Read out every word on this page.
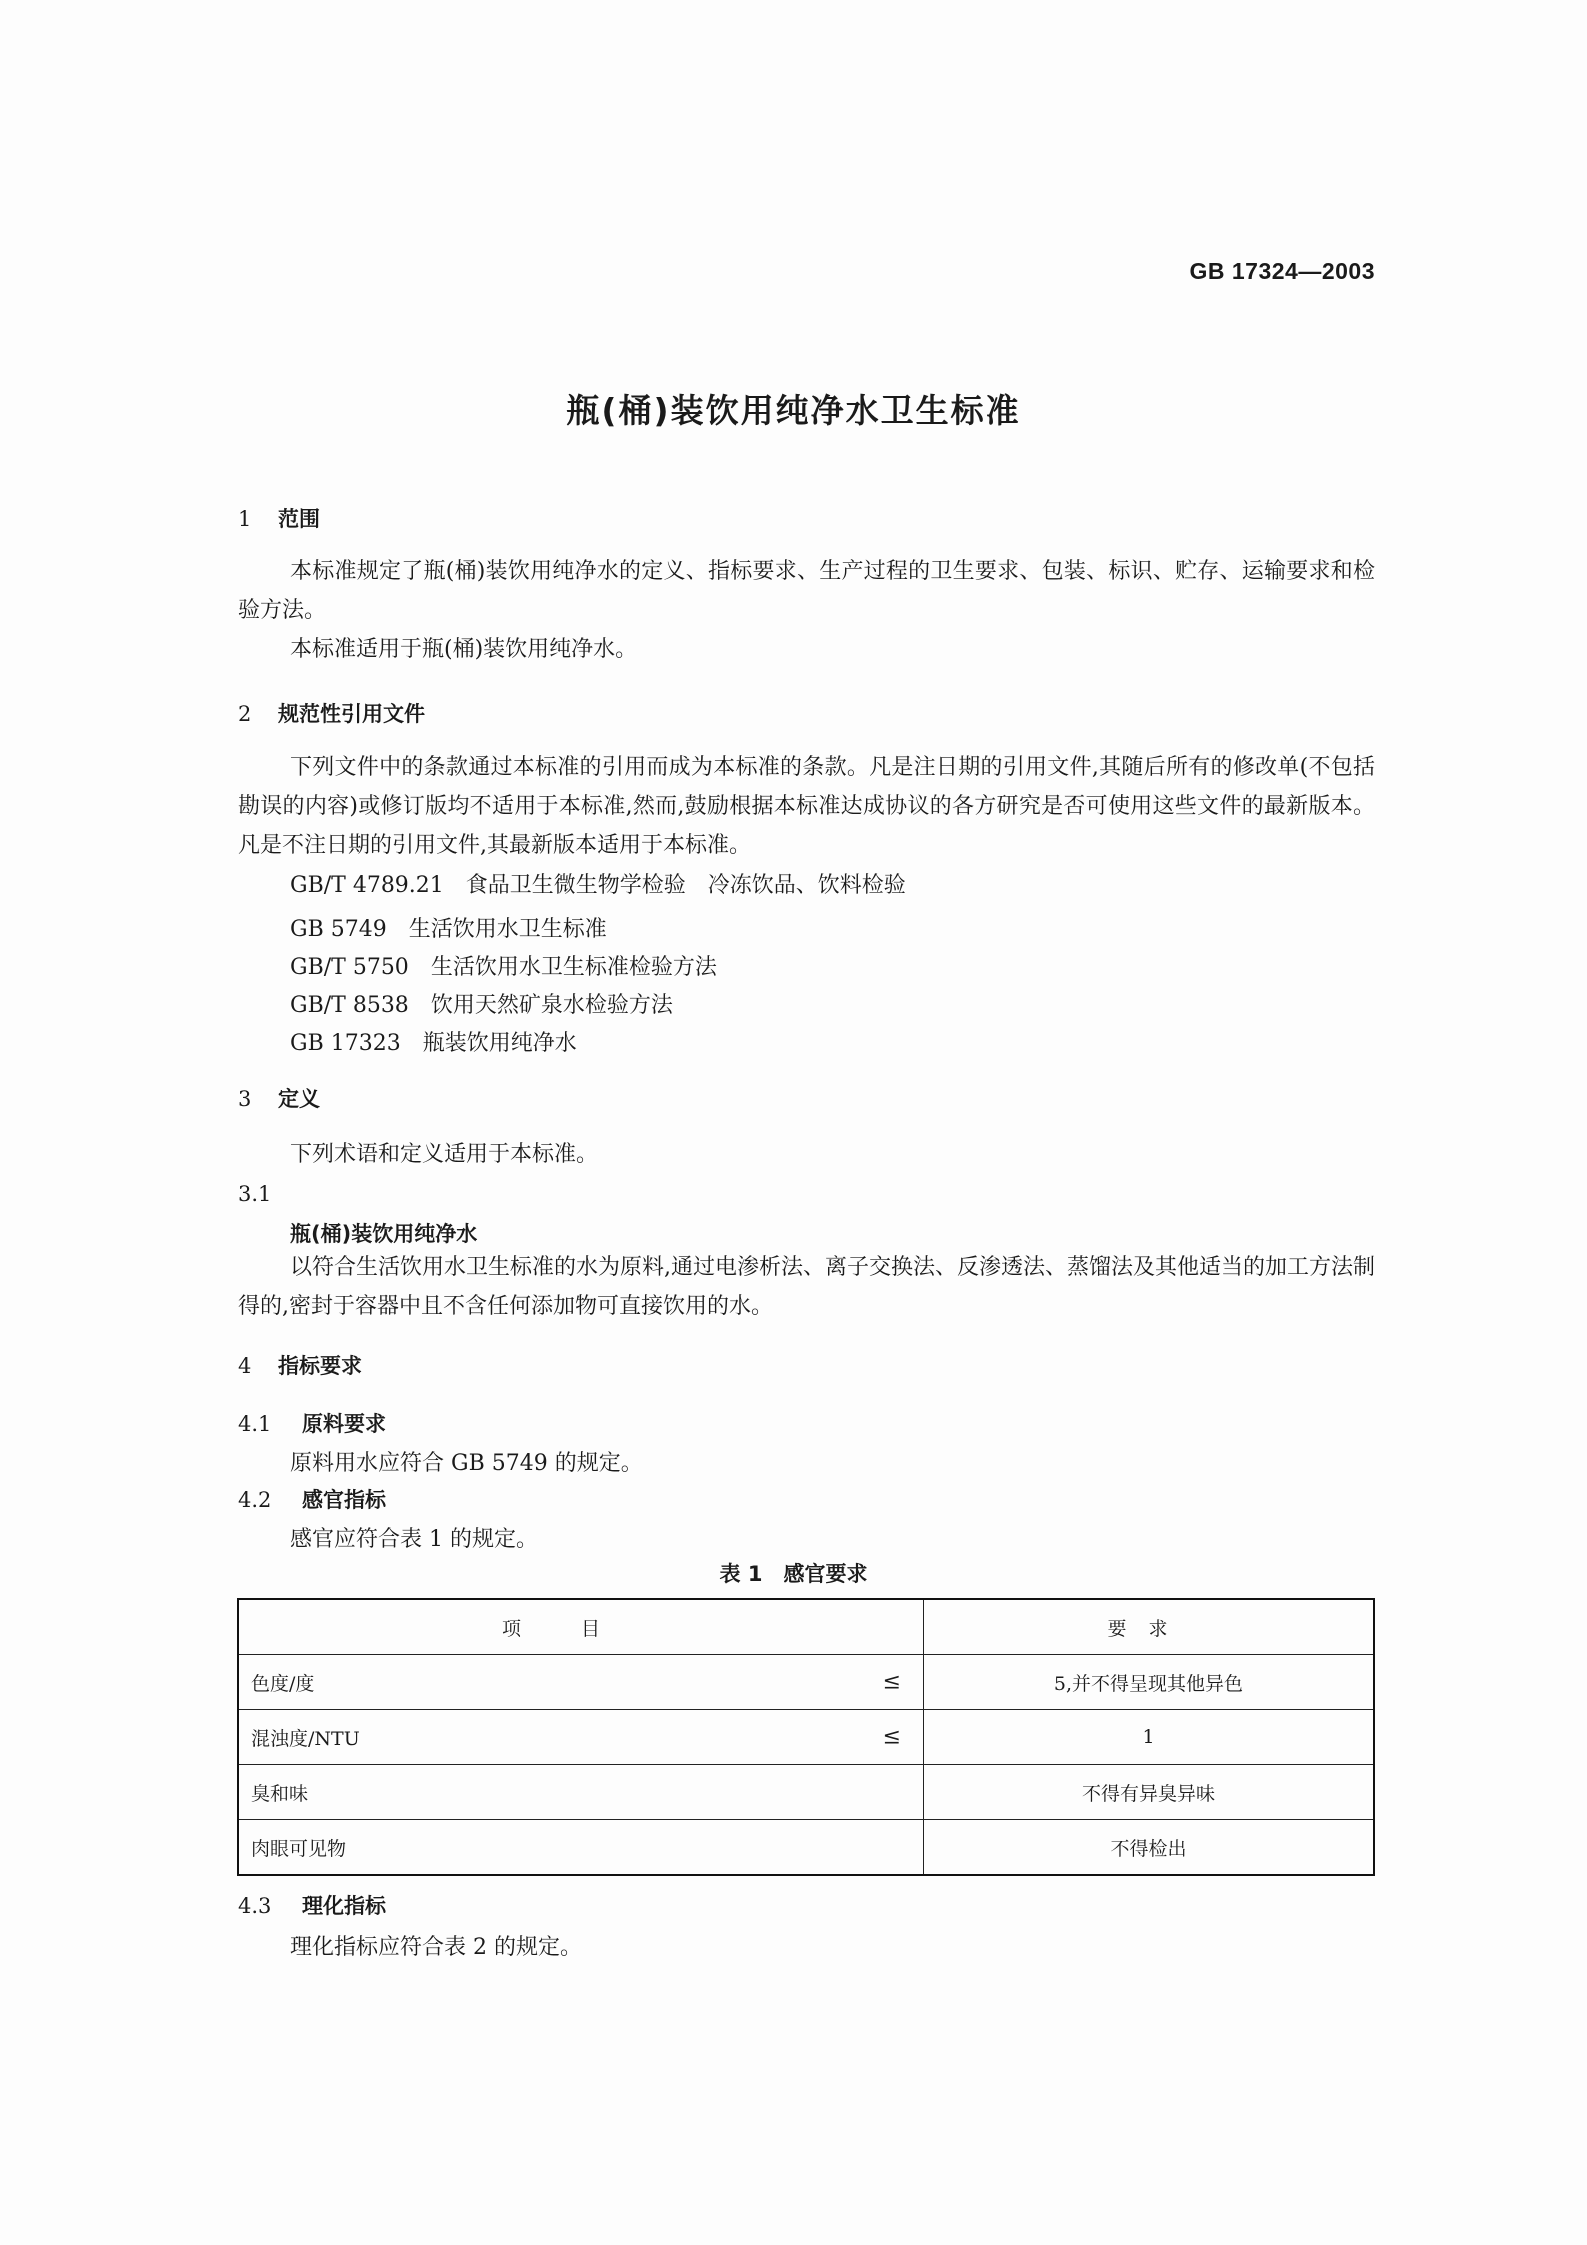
GB 17324—2003
瓶(桶)装饮用纯净水卫生标准
1 范围
本标准规定了瓶(桶)装饮用纯净水的定义、指标要求、生产过程的卫生要求、包装、标识、贮存、运输要求和检验方法。
本标准适用于瓶(桶)装饮用纯净水。
2 规范性引用文件
下列文件中的条款通过本标准的引用而成为本标准的条款。凡是注日期的引用文件,其随后所有的修改单(不包括勘误的内容)或修订版均不适用于本标准,然而,鼓励根据本标准达成协议的各方研究是否可使用这些文件的最新版本。凡是不注日期的引用文件,其最新版本适用于本标准。
GB/T 4789.21 食品卫生微生物学检验　冷冻饮品、饮料检验
GB 5749 生活饮用水卫生标准
GB/T 5750 生活饮用水卫生标准检验方法
GB/T 8538 饮用天然矿泉水检验方法
GB 17323 瓶装饮用纯净水
3 定义
下列术语和定义适用于本标准。
3.1
瓶(桶)装饮用纯净水
以符合生活饮用水卫生标准的水为原料,通过电渗析法、离子交换法、反渗透法、蒸馏法及其他适当的加工方法制得的,密封于容器中且不含任何添加物可直接饮用的水。
4 指标要求
4.1 原料要求
原料用水应符合 GB 5749 的规定。
4.2 感官指标
感官应符合表 1 的规定。
4.3 理化指标
理化指标应符合表 2 的规定。
表 1　感官要求
项目	要求
色度/度 ≤	5,并不得呈现其他异色
混浊度/NTU ≤	1
臭和味	不得有异臭异味
肉眼可见物	不得检出
